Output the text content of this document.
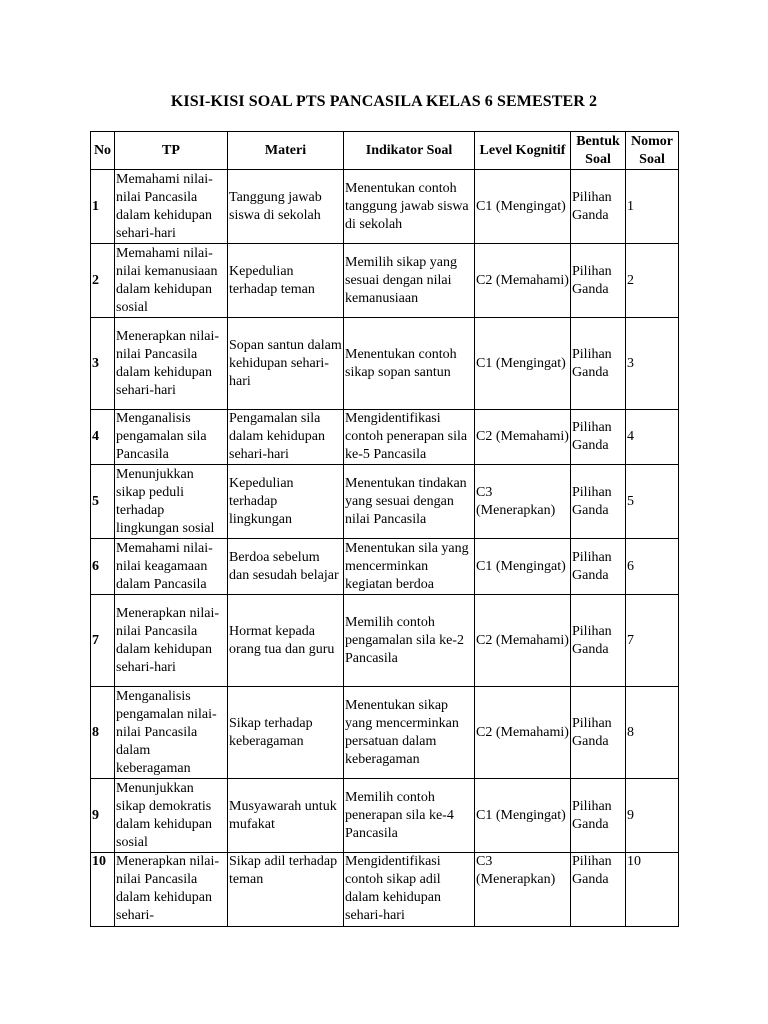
KISI-KISI SOAL PTS PANCASILA KELAS 6 SEMESTER 2
No	TP	Materi	Indikator Soal	Level Kognitif	Bentuk Soal	Nomor Soal
1	Memahami nilai-nilai Pancasila dalam kehidupan sehari-hari	Tanggung jawab siswa di sekolah	Menentukan contoh tanggung jawab siswa di sekolah	C1 (Mengingat)	Pilihan Ganda	1
2	Memahami nilai-nilai kemanusiaan dalam kehidupan sosial	Kepedulian terhadap teman	Memilih sikap yang sesuai dengan nilai kemanusiaan	C2 (Memahami)	Pilihan Ganda	2
3	Menerapkan nilai-nilai Pancasila dalam kehidupan sehari-hari	Sopan santun dalam kehidupan sehari-hari	Menentukan contoh sikap sopan santun	C1 (Mengingat)	Pilihan Ganda	3
4	Menganalisis pengamalan sila Pancasila	Pengamalan sila dalam kehidupan sehari-hari	Mengidentifikasi contoh penerapan sila ke-5 Pancasila	C2 (Memahami)	Pilihan Ganda	4
5	Menunjukkan sikap peduli terhadap lingkungan sosial	Kepedulian terhadap lingkungan	Menentukan tindakan yang sesuai dengan nilai Pancasila	C3 (Menerapkan)	Pilihan Ganda	5
6	Memahami nilai-nilai keagamaan dalam Pancasila	Berdoa sebelum dan sesudah belajar	Menentukan sila yang mencerminkan kegiatan berdoa	C1 (Mengingat)	Pilihan Ganda	6
7	Menerapkan nilai-nilai Pancasila dalam kehidupan sehari-hari	Hormat kepada orang tua dan guru	Memilih contoh pengamalan sila ke-2 Pancasila	C2 (Memahami)	Pilihan Ganda	7
8	Menganalisis pengamalan nilai-nilai Pancasila dalam keberagaman	Sikap terhadap keberagaman	Menentukan sikap yang mencerminkan persatuan dalam keberagaman	C2 (Memahami)	Pilihan Ganda	8
9	Menunjukkan sikap demokratis dalam kehidupan sosial	Musyawarah untuk mufakat	Memilih contoh penerapan sila ke-4 Pancasila	C1 (Mengingat)	Pilihan Ganda	9
10	Menerapkan nilai-nilai Pancasila dalam kehidupan sehari-	Sikap adil terhadap teman	Mengidentifikasi contoh sikap adil dalam kehidupan sehari-hari	C3 (Menerapkan)	Pilihan Ganda	10
